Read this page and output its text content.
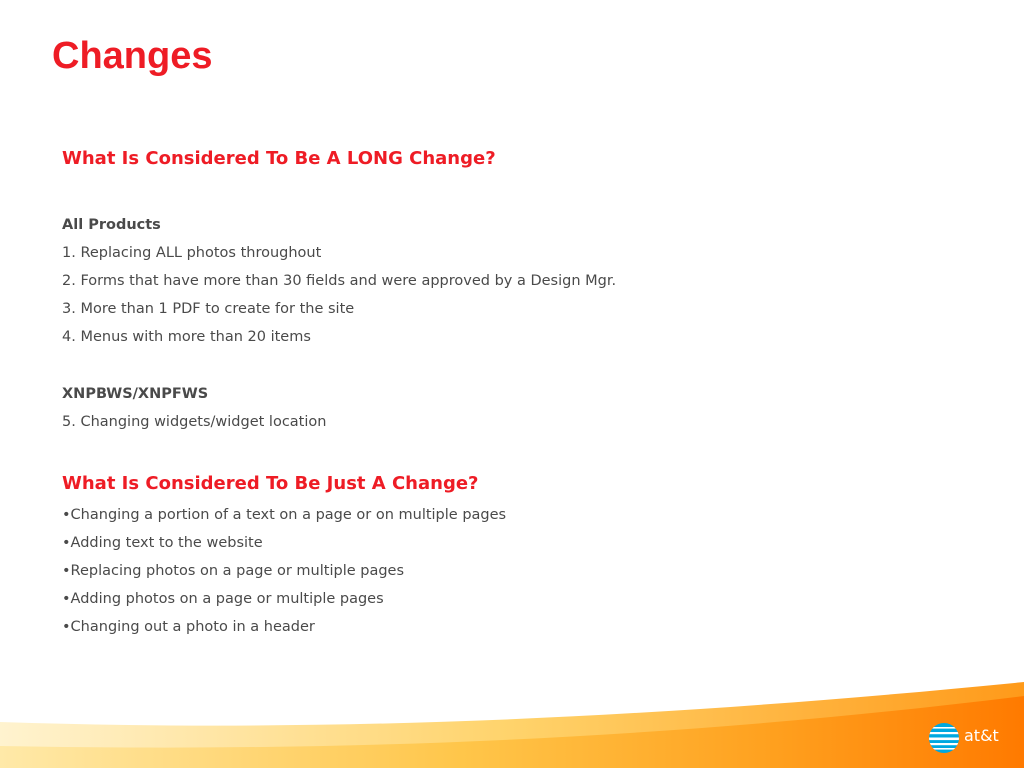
Changes
What Is Considered To Be A LONG Change?
All Products
1. Replacing ALL photos throughout
2. Forms that have more than 30 fields and were approved by a Design Mgr.
3. More than 1 PDF to create for the site
4. Menus with more than 20 items
XNPBWS/XNPFWS
5. Changing widgets/widget location
What Is Considered To Be Just A Change?
•Changing a portion of a text on a page or on multiple pages
•Adding text to the website
•Replacing photos on a page or multiple pages
•Adding photos on a page or multiple pages
•Changing out a photo in a header
at&t
